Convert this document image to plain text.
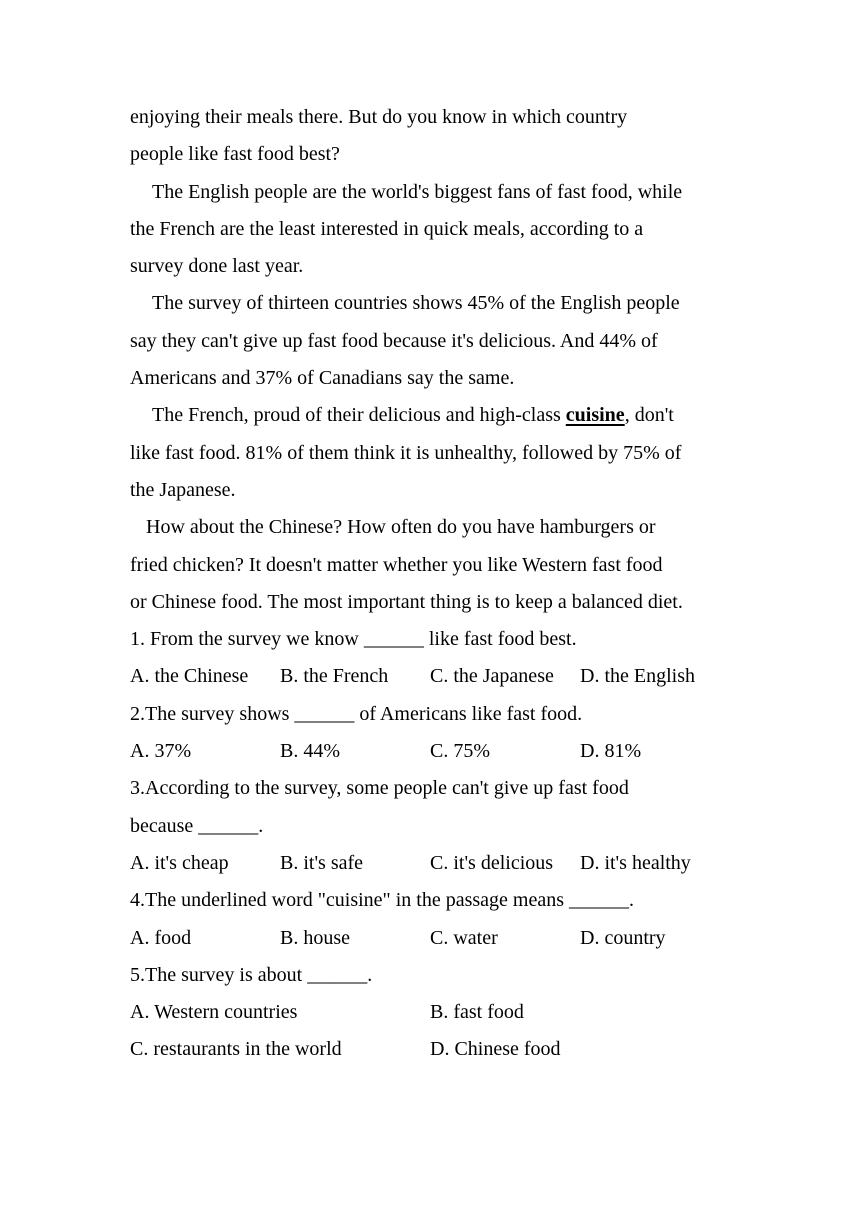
enjoying their meals there. But do you know in which country
people like fast food best?
The English people are the world's biggest fans of fast food, while
the French are the least interested in quick meals, according to a
survey done last year.
The survey of thirteen countries shows 45% of the English people
say they can't give up fast food because it's delicious. And 44% of
Americans and 37% of Canadians say the same.
The French, proud of their delicious and high-class cuisine, don't
like fast food. 81% of them think it is unhealthy, followed by 75% of
the Japanese.
How about the Chinese? How often do you have hamburgers or
fried chicken? It doesn't matter whether you like Western fast food
or Chinese food. The most important thing is to keep a balanced diet.
1. From the survey we know ______ like fast food best.
A. the Chinese	B. the French	C. the Japanese	D. the English
2.The survey shows ______ of Americans like fast food.
A. 37%	B. 44%	C. 75%	D. 81%
3.According to the survey, some people can't give up fast food
because ______.
A. it's cheap	B. it's safe	C. it's delicious	D. it's healthy
4.The underlined word "cuisine" in the passage means ______.
A. food	B. house	C. water	D. country
5.The survey is about ______.
A. Western countries	B. fast food
C. restaurants in the world	D. Chinese food
